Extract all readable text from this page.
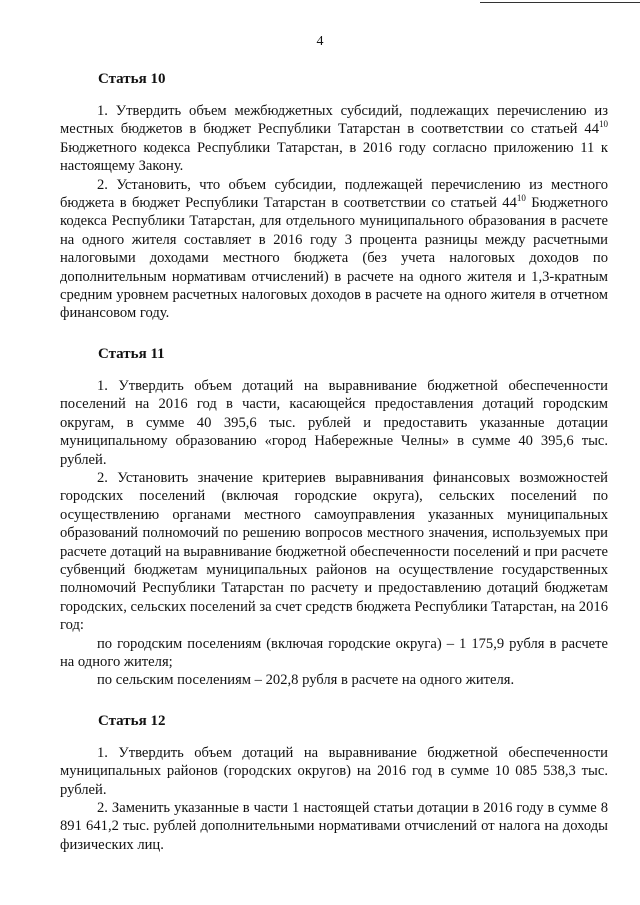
4
Статья 10

1. Утвердить объем межбюджетных субсидий, подлежащих перечислению из местных бюджетов в бюджет Республики Татарстан в соответствии со статьей $44^{10}$ Бюджетного кодекса Республики Татарстан, в 2016 году согласно приложению 11 к настоящему Закону.

2. Установить, что объем субсидии, подлежащей перечислению из местного бюджета в бюджет Республики Татарстан в соответствии со статьей $44^{10}$ Бюджетного кодекса Республики Татарстан, для отдельного муниципального образования в расчете на одного жителя составляет в 2016 году 3 процента разницы между расчетными налоговыми доходами местного бюджета (без учета налоговых доходов по дополнительным нормативам отчислений) в расчете на одного жителя и 1,3-кратным средним уровнем расчетных налоговых доходов в расчете на одного жителя в отчетном финансовом году.

Статья 11

1. Утвердить объем дотаций на выравнивание бюджетной обеспеченности поселений на 2016 год в части, касающейся предоставления дотаций городским округам, в сумме 40 395,6 тыс. рублей и предоставить указанные дотации муниципальному образованию «город Набережные Челны» в сумме 40 395,6 тыс. рублей.

2. Установить значение критериев выравнивания финансовых возможностей городских поселений (включая городские округа), сельских поселений по осуществлению органами местного самоуправления указанных муниципальных образований полномочий по решению вопросов местного значения, используемых при расчете дотаций на выравнивание бюджетной обеспеченности поселений и при расчете субвенций бюджетам муниципальных районов на осуществление государственных полномочий Республики Татарстан по расчету и предоставлению дотаций бюджетам городских, сельских поселений за счет средств бюджета Республики Татарстан, на 2016 год:

по городским поселениям (включая городские округа) – 1 175,9 рубля в расчете на одного жителя;

по сельским поселениям – 202,8 рубля в расчете на одного жителя.

Статья 12

1. Утвердить объем дотаций на выравнивание бюджетной обеспеченности муниципальных районов (городских округов) на 2016 год в сумме 10 085 538,3 тыс. рублей.

2. Заменить указанные в части 1 настоящей статьи дотации в 2016 году в сумме 8 891 641,2 тыс. рублей дополнительными нормативами отчислений от налога на доходы физических лиц.
